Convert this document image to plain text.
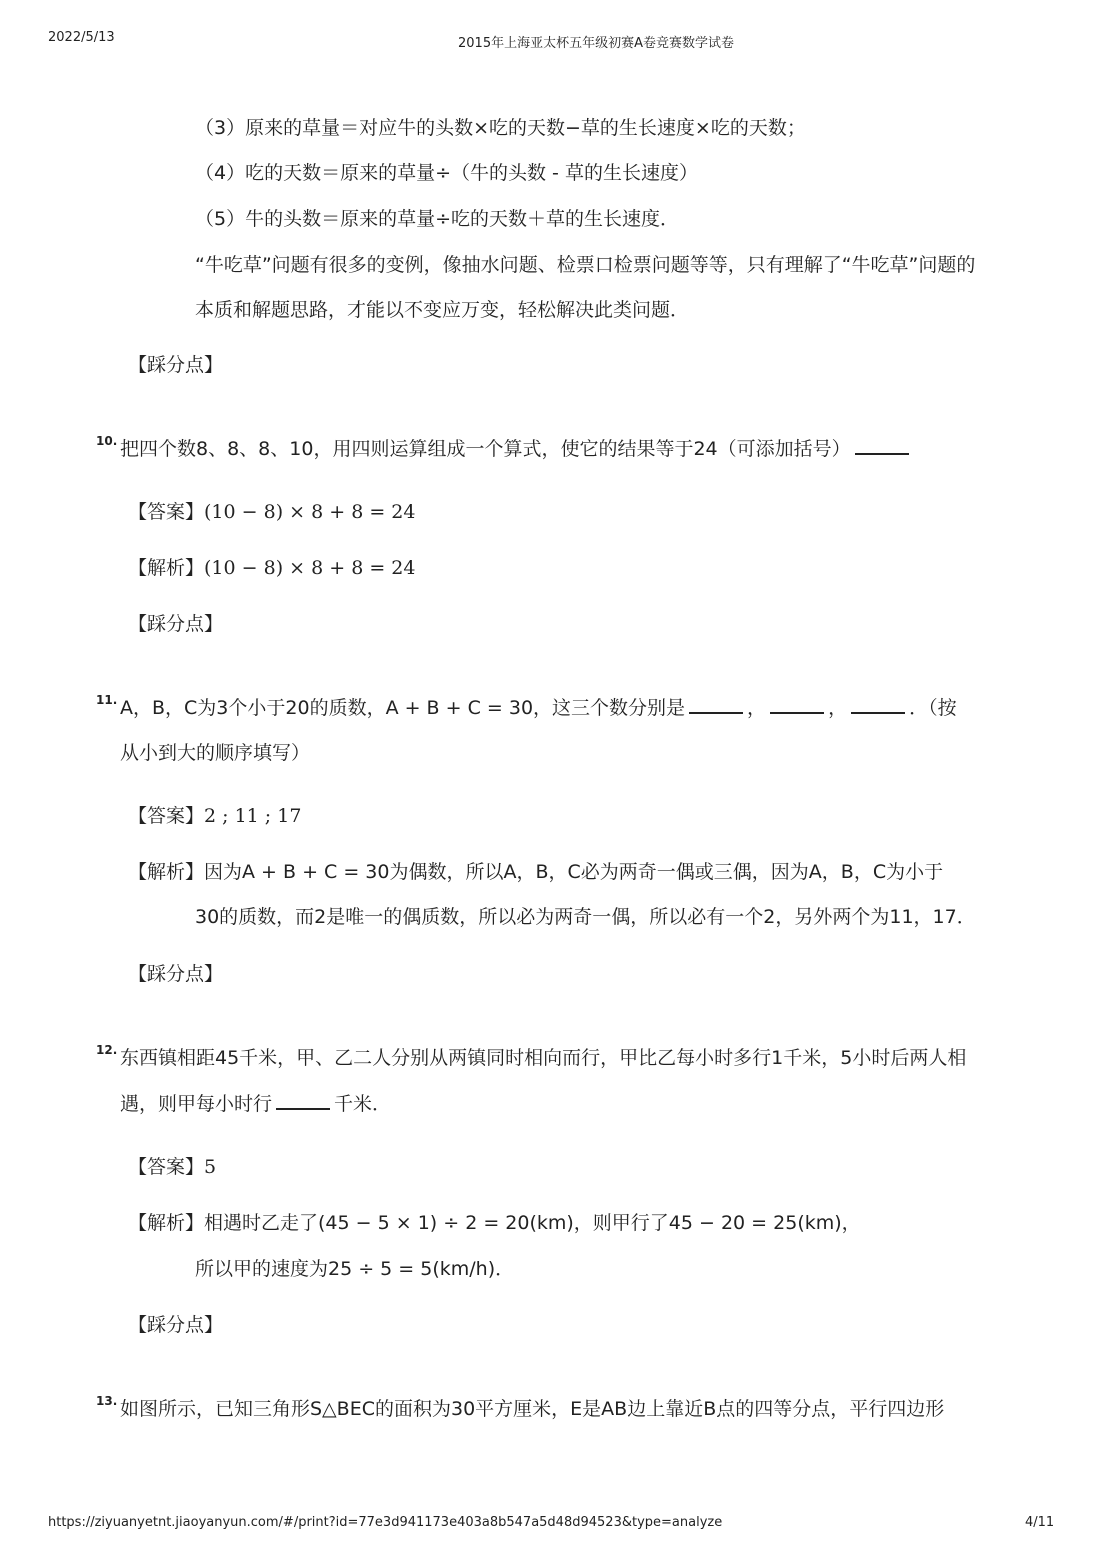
2022/5/13	2015年上海亚太杯五年级初赛A卷竞赛数学试卷
（3）原来的草量＝对应牛的头数×吃的天数−草的生长速度×吃的天数；
（4）吃的天数＝原来的草量÷（牛的头数 - 草的生长速度）
（5）牛的头数＝原来的草量÷吃的天数＋草的生长速度．
“牛吃草”问题有很多的变例，像抽水问题、检票口检票问题等等，只有理解了“牛吃草”问题的
本质和解题思路，才能以不变应万变，轻松解决此类问题．
【踩分点】
10. 把四个数8、8、8、10，用四则运算组成一个算式，使它的结果等于24（可添加括号）
【答案】(10 − 8) × 8 + 8 = 24
【解析】(10 − 8) × 8 + 8 = 24
【踩分点】
11. A，B，C为3个小于20的质数，A + B + C = 30，这三个数分别是	，	，	．（按
从小到大的顺序填写）
【答案】2 ; 11 ; 17
【解析】因为A + B + C = 30为偶数，所以A，B，C必为两奇一偶或三偶，因为A，B，C为小于
30的质数，而2是唯一的偶质数，所以必为两奇一偶，所以必有一个2，另外两个为11，17．
【踩分点】
12. 东西镇相距45千米，甲、乙二人分别从两镇同时相向而行，甲比乙每小时多行1千米，5小时后两人相
遇，则甲每小时行	千米．
【答案】5
【解析】相遇时乙走了(45 − 5 × 1) ÷ 2 = 20(km)，则甲行了45 − 20 = 25(km)，
所以甲的速度为25 ÷ 5 = 5(km/h)．
【踩分点】
13. 如图所示，已知三角形S△BEC的面积为30平方厘米，E是AB边上靠近B点的四等分点，平行四边形
https://ziyuanyetnt.jiaoyanyun.com/#/print?id=77e3d941173e403a8b547a5d48d94523&type=analyze	4/11
